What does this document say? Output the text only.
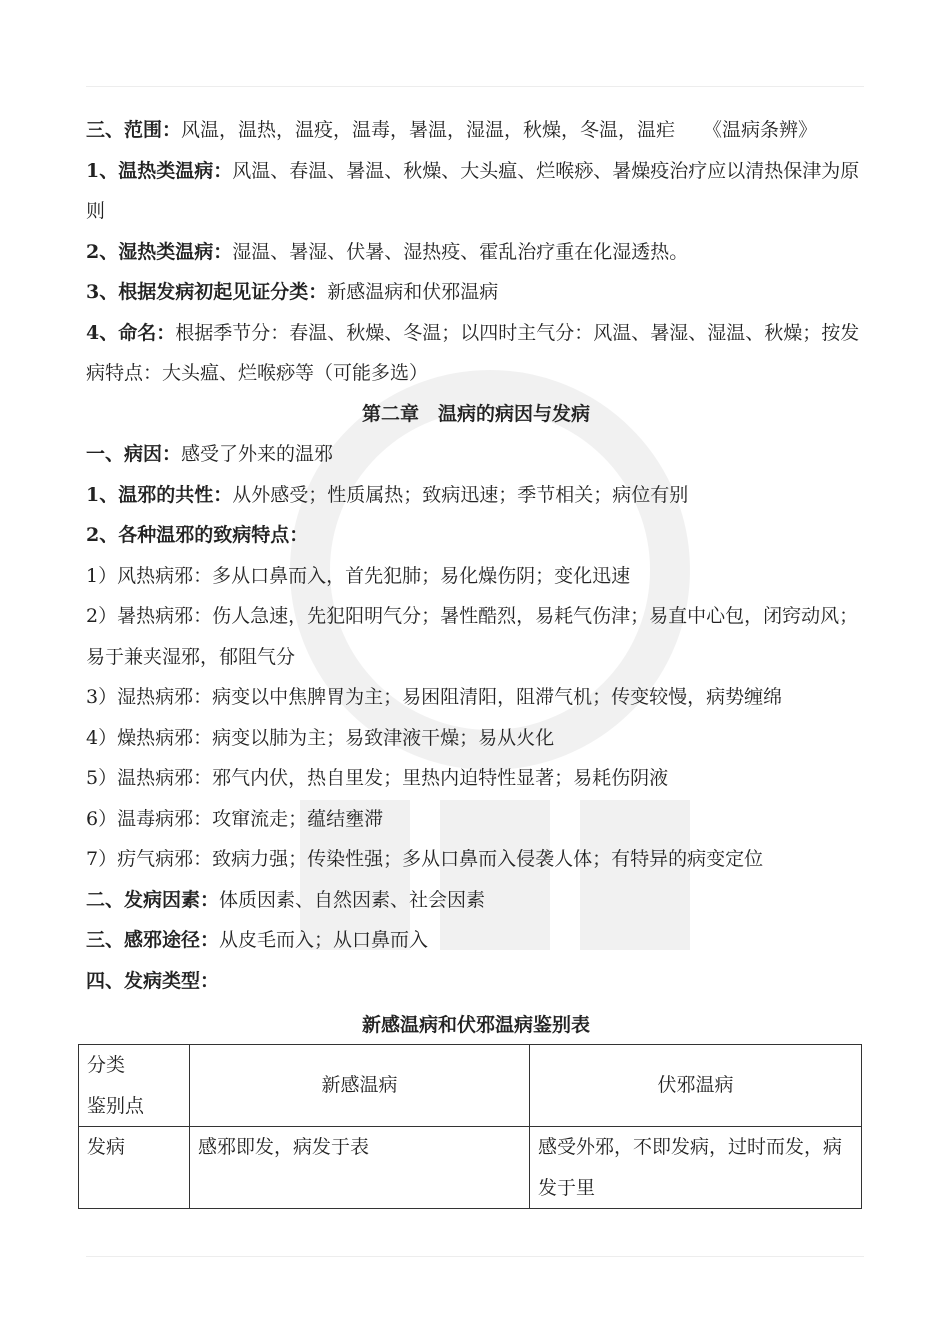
三、范围：风温，温热，温疫，温毒，暑温，湿温，秋燥，冬温，温疟 《温病条辨》

1、温热类温病：风温、春温、暑温、秋燥、大头瘟、烂喉痧、暑燥疫治疗应以清热保津为原则

2、湿热类温病：湿温、暑湿、伏暑、湿热疫、霍乱治疗重在化湿透热。

3、根据发病初起见证分类：新感温病和伏邪温病

4、命名：根据季节分：春温、秋燥、冬温；以四时主气分：风温、暑湿、湿温、秋燥；按发病特点：大头瘟、烂喉痧等（可能多选）

第二章　温病的病因与发病

一、病因：感受了外来的温邪

1、温邪的共性：从外感受；性质属热；致病迅速；季节相关；病位有别

2、各种温邪的致病特点：

1）风热病邪：多从口鼻而入，首先犯肺；易化燥伤阴；变化迅速

2）暑热病邪：伤人急速，先犯阳明气分；暑性酷烈，易耗气伤津；易直中心包，闭窍动风；易于兼夹湿邪，郁阻气分

3）湿热病邪：病变以中焦脾胃为主；易困阻清阳，阻滞气机；传变较慢，病势缠绵

4）燥热病邪：病变以肺为主；易致津液干燥；易从火化

5）温热病邪：邪气内伏，热自里发；里热内迫特性显著；易耗伤阴液

6）温毒病邪：攻窜流走；蕴结壅滞

7）疠气病邪：致病力强；传染性强；多从口鼻而入侵袭人体；有特异的病变定位

二、发病因素：体质因素、自然因素、社会因素

三、感邪途径：从皮毛而入；从口鼻而入

四、发病类型：

新感温病和伏邪温病鉴别表

分类
鉴别点	新感温病	伏邪温病
发病	感邪即发，病发于表	感受外邪，不即发病，过时而发，病发于里
